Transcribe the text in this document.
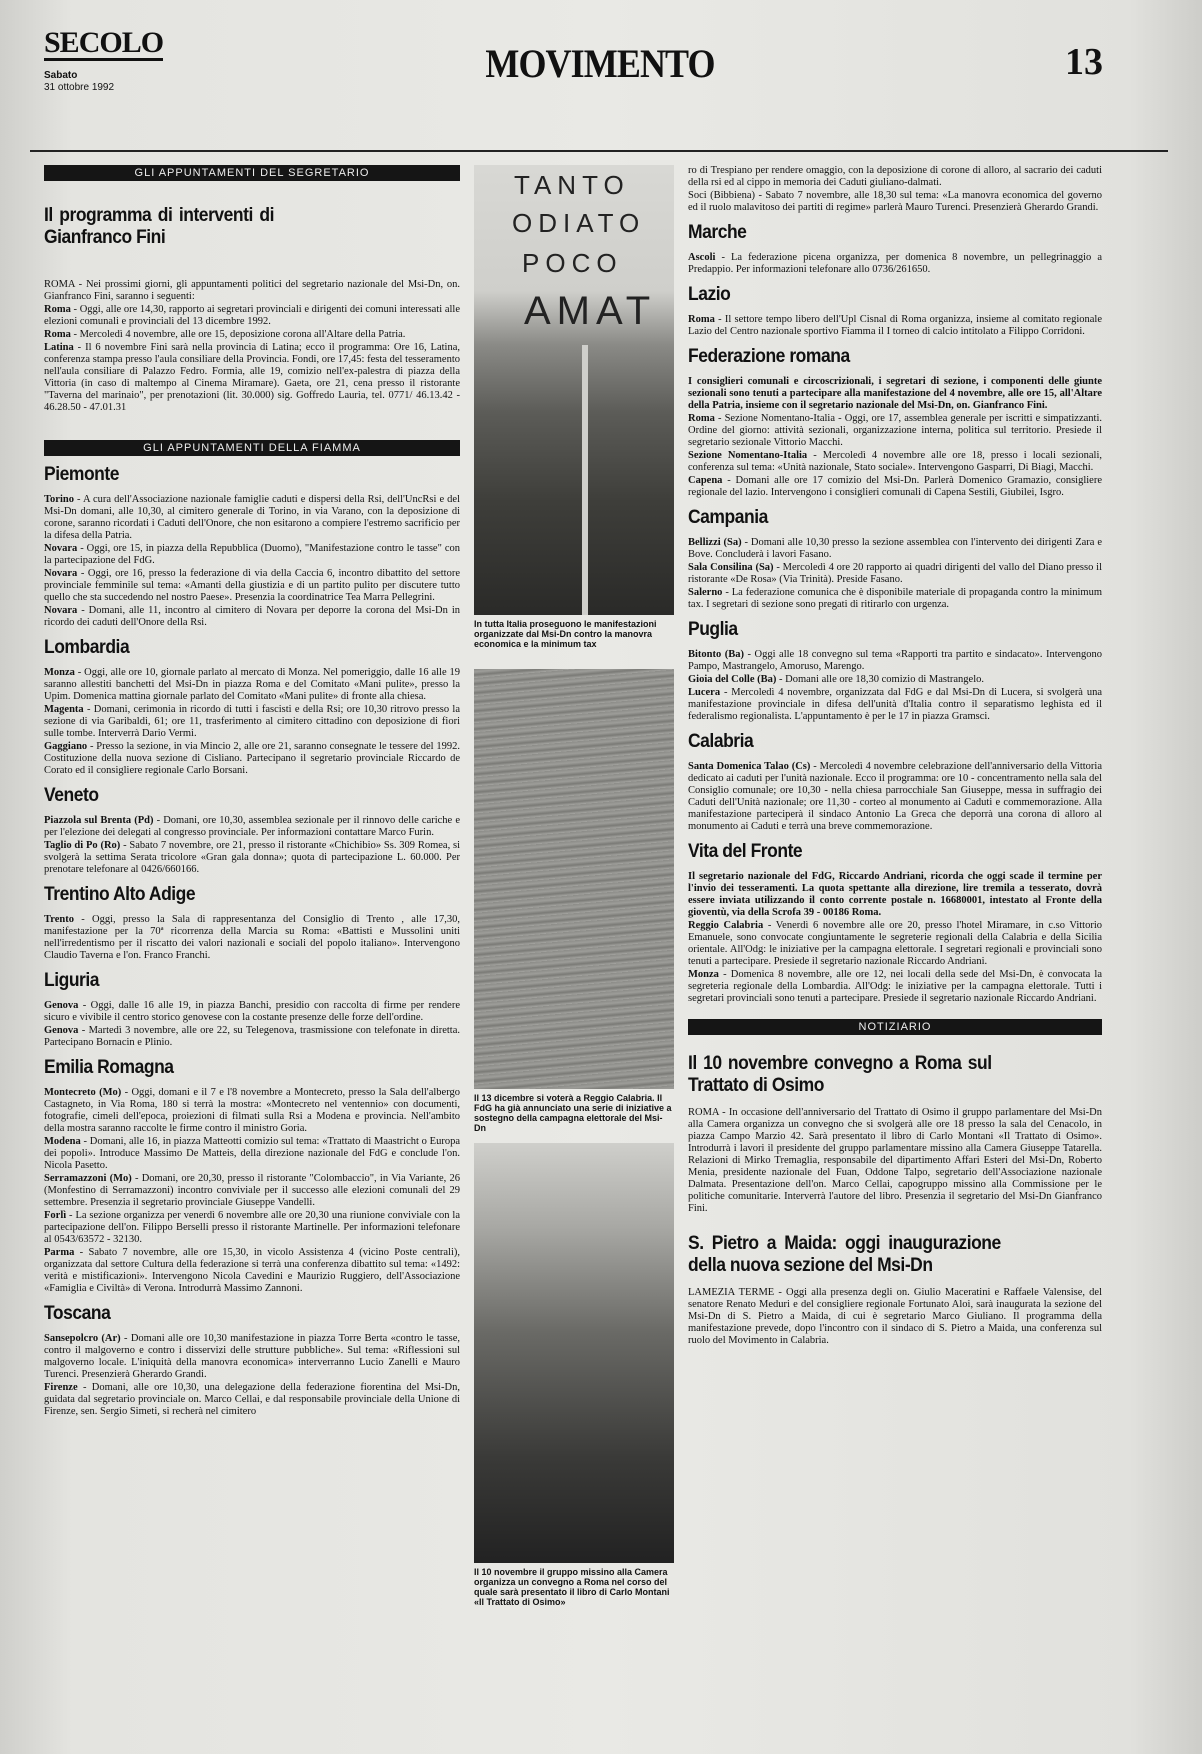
SECOLO
Sabato
31 ottobre 1992
MOVIMENTO	13
GLI APPUNTAMENTI DEL SEGRETARIO
Il programma di interventi di Gianfranco Fini

ROMA - Nei prossimi giorni, gli appuntamenti politici del segretario nazionale del Msi-Dn, on. Gianfranco Fini, saranno i seguenti:

Roma - Oggi, alle ore 14,30, rapporto ai segretari provinciali e dirigenti dei comuni interessati alle elezioni comunali e provinciali del 13 dicembre 1992.

Roma - Mercoledì 4 novembre, alle ore 15, deposizione corona all'Altare della Patria.

Latina - Il 6 novembre Fini sarà nella provincia di Latina; ecco il programma: Ore 16, Latina, conferenza stampa presso l'aula consiliare della Provincia. Fondi, ore 17,45: festa del tesseramento nell'aula consiliare di Palazzo Fedro. Formia, alle 19, comizio nell'ex-palestra di piazza della Vittoria (in caso di maltempo al Cinema Miramare). Gaeta, ore 21, cena presso il ristorante "Taverna del marinaio", per prenotazioni (lit. 30.000) sig. Goffredo Lauria, tel. 0771/ 46.13.42 - 46.28.50 - 47.01.31

GLI APPUNTAMENTI DELLA FIAMMA
Piemonte

Torino - A cura dell'Associazione nazionale famiglie caduti e dispersi della Rsi, dell'UncRsi e del Msi-Dn domani, alle 10,30, al cimitero generale di Torino, in via Varano, con la deposizione di corone, saranno ricordati i Caduti dell'Onore, che non esitarono a compiere l'estremo sacrificio per la difesa della Patria.

Novara - Oggi, ore 15, in piazza della Repubblica (Duomo), "Manifestazione contro le tasse" con la partecipazione del FdG.

Novara - Oggi, ore 16, presso la federazione di via della Caccia 6, incontro dibattito del settore provinciale femminile sul tema: «Amanti della giustizia e di un partito pulito per discutere tutto quello che sta succedendo nel nostro Paese». Presenzia la coordinatrice Tea Marra Pellegrini.

Novara - Domani, alle 11, incontro al cimitero di Novara per deporre la corona del Msi-Dn in ricordo dei caduti dell'Onore della Rsi.

Lombardia

Monza - Oggi, alle ore 10, giornale parlato al mercato di Monza. Nel pomeriggio, dalle 16 alle 19 saranno allestiti banchetti del Msi-Dn in piazza Roma e del Comitato «Mani pulite», presso la Upim. Domenica mattina giornale parlato del Comitato «Mani pulite» di fronte alla chiesa.

Magenta - Domani, cerimonia in ricordo di tutti i fascisti e della Rsi; ore 10,30 ritrovo presso la sezione di via Garibaldi, 61; ore 11, trasferimento al cimitero cittadino con deposizione di fiori sulle tombe. Interverrà Dario Vermi.

Gaggiano - Presso la sezione, in via Mincio 2, alle ore 21, saranno consegnate le tessere del 1992. Costituzione della nuova sezione di Cisliano. Partecipano il segretario provinciale Riccardo de Corato ed il consigliere regionale Carlo Borsani.

Veneto

Piazzola sul Brenta (Pd) - Domani, ore 10,30, assemblea sezionale per il rinnovo delle cariche e per l'elezione dei delegati al congresso provinciale. Per informazioni contattare Marco Furin.

Taglio di Po (Ro) - Sabato 7 novembre, ore 21, presso il ristorante «Chichibio» Ss. 309 Romea, si svolgerà la settima Serata tricolore «Gran gala donna»; quota di partecipazione L. 60.000. Per prenotare telefonare al 0426/660166.

Trentino Alto Adige

Trento - Oggi, presso la Sala di rappresentanza del Consiglio di Trento , alle 17,30, manifestazione per la 70ª ricorrenza della Marcia su Roma: «Battisti e Mussolini uniti nell'irredentismo per il riscatto dei valori nazionali e sociali del popolo italiano». Intervengono Claudio Taverna e l'on. Franco Franchi.

Liguria

Genova - Oggi, dalle 16 alle 19, in piazza Banchi, presidio con raccolta di firme per rendere sicuro e vivibile il centro storico genovese con la costante presenze delle forze dell'ordine.

Genova - Martedì 3 novembre, alle ore 22, su Telegenova, trasmissione con telefonate in diretta. Partecipano Bornacin e Plinio.

Emilia Romagna

Montecreto (Mo) - Oggi, domani e il 7 e l'8 novembre a Montecreto, presso la Sala dell'albergo Castagneto, in Via Roma, 180 si terrà la mostra: «Montecreto nel ventennio» con documenti, fotografie, cimeli dell'epoca, proiezioni di filmati sulla Rsi a Modena e provincia. Nell'ambito della mostra saranno raccolte le firme contro il ministro Goria.

Modena - Domani, alle 16, in piazza Matteotti comizio sul tema: «Trattato di Maastricht o Europa dei popoli». Introduce Massimo De Matteis, della direzione nazionale del FdG e conclude l'on. Nicola Pasetto.

Serramazzoni (Mo) - Domani, ore 20,30, presso il ristorante "Colombaccio", in Via Variante, 26 (Monfestino di Serramazzoni) incontro conviviale per il successo alle elezioni comunali del 29 settembre. Presenzia il segretario provinciale Giuseppe Vandelli.

Forlì - La sezione organizza per venerdì 6 novembre alle ore 20,30 una riunione conviviale con la partecipazione dell'on. Filippo Berselli presso il ristorante Martinelle. Per informazioni telefonare al 0543/63572 - 32130.

Parma - Sabato 7 novembre, alle ore 15,30, in vicolo Assistenza 4 (vicino Poste centrali), organizzata dal settore Cultura della federazione si terrà una conferenza dibattito sul tema: «1492: verità e mistificazioni». Intervengono Nicola Cavedini e Maurizio Ruggiero, dell'Associazione «Famiglia e Civiltà» di Verona. Introdurrà Massimo Zannoni.

Toscana

Sansepolcro (Ar) - Domani alle ore 10,30 manifestazione in piazza Torre Berta «contro le tasse, contro il malgoverno e contro i disservizi delle strutture pubbliche». Sul tema: «Riflessioni sul malgoverno locale. L'iniquità della manovra economica» interverranno Lucio Zanelli e Mauro Turenci. Presenzierà Gherardo Grandi.

Firenze - Domani, alle ore 10,30, una delegazione della federazione fiorentina del Msi-Dn, guidata dal segretario provinciale on. Marco Cellai, e dal responsabile provinciale della Unione di Firenze, sen. Sergio Simeti, si recherà nel cimitero

TANTO
ODIATO
POCO
AMAT
In tutta Italia proseguono le manifestazioni organizzate dal Msi-Dn contro la manovra economica e la minimum tax
Il 13 dicembre si voterà a Reggio Calabria. Il FdG ha già annunciato una serie di iniziative a sostegno della campagna elettorale del Msi-Dn
Il 10 novembre il gruppo missino alla Camera organizza un convegno a Roma nel corso del quale sarà presentato il libro di Carlo Montani «Il Trattato di Osimo»

ro di Trespiano per rendere omaggio, con la deposizione di corone di alloro, al sacrario dei caduti della rsi ed al cippo in memoria dei Caduti giuliano-dalmati.

Soci (Bibbiena) - Sabato 7 novembre, alle 18,30 sul tema: «La manovra economica del governo ed il ruolo malavitoso dei partiti di regime» parlerà Mauro Turenci. Presenzierà Gherardo Grandi.

Marche

Ascoli - La federazione picena organizza, per domenica 8 novembre, un pellegrinaggio a Predappio. Per informazioni telefonare allo 0736/261650.

Lazio

Roma - Il settore tempo libero dell'Upl Cisnal di Roma organizza, insieme al comitato regionale Lazio del Centro nazionale sportivo Fiamma il I torneo di calcio intitolato a Filippo Corridoni.

Federazione romana

I consiglieri comunali e circoscrizionali, i segretari di sezione, i componenti delle giunte sezionali sono tenuti a partecipare alla manifestazione del 4 novembre, alle ore 15, all'Altare della Patria, insieme con il segretario nazionale del Msi-Dn, on. Gianfranco Fini.

Roma - Sezione Nomentano-Italia - Oggi, ore 17, assemblea generale per iscritti e simpatizzanti. Ordine del giorno: attività sezionali, organizzazione interna, politica sul territorio. Presiede il segretario sezionale Vittorio Macchi.

Sezione Nomentano-Italia - Mercoledì 4 novembre alle ore 18, presso i locali sezionali, conferenza sul tema: «Unità nazionale, Stato sociale». Intervengono Gasparri, Di Biagi, Macchi.

Capena - Domani alle ore 17 comizio del Msi-Dn. Parlerà Domenico Gramazio, consigliere regionale del lazio. Intervengono i consiglieri comunali di Capena Sestili, Giubilei, Isgro.

Campania

Bellizzi (Sa) - Domani alle 10,30 presso la sezione assemblea con l'intervento dei dirigenti Zara e Bove. Concluderà i lavori Fasano.

Sala Consilina (Sa) - Mercoledì 4 ore 20 rapporto ai quadri dirigenti del vallo del Diano presso il ristorante «De Rosa» (Via Trinità). Preside Fasano.

Salerno - La federazione comunica che è disponibile materiale di propaganda contro la minimum tax. I segretari di sezione sono pregati di ritirarlo con urgenza.

Puglia

Bitonto (Ba) - Oggi alle 18 convegno sul tema «Rapporti tra partito e sindacato». Intervengono Pampo, Mastrangelo, Amoruso, Marengo.

Gioia del Colle (Ba) - Domani alle ore 18,30 comizio di Mastrangelo.

Lucera - Mercoledì 4 novembre, organizzata dal FdG e dal Msi-Dn di Lucera, si svolgerà una manifestazione provinciale in difesa dell'unità d'Italia contro il separatismo leghista ed il federalismo regionalista. L'appuntamento è per le 17 in piazza Gramsci.

Calabria

Santa Domenica Talao (Cs) - Mercoledì 4 novembre celebrazione dell'anniversario della Vittoria dedicato ai caduti per l'unità nazionale. Ecco il programma: ore 10 - concentramento nella sala del Consiglio comunale; ore 10,30 - nella chiesa parrocchiale San Giuseppe, messa in suffragio dei Caduti dell'Unità nazionale; ore 11,30 - corteo al monumento ai Caduti e commemorazione. Alla manifestazione parteciperà il sindaco Antonio La Greca che deporrà una corona di alloro al monumento ai Caduti e terrà una breve commemorazione.

Vita del Fronte

Il segretario nazionale del FdG, Riccardo Andriani, ricorda che oggi scade il termine per l'invio dei tesseramenti. La quota spettante alla direzione, lire tremila a tesserato, dovrà essere inviata utilizzando il conto corrente postale n. 16680001, intestato al Fronte della gioventù, via della Scrofa 39 - 00186 Roma.

Reggio Calabria - Venerdì 6 novembre alle ore 20, presso l'hotel Miramare, in c.so Vittorio Emanuele, sono convocate congiuntamente le segreterie regionali della Calabria e della Sicilia orientale. All'Odg: le iniziative per la campagna elettorale. I segretari regionali e provinciali sono tenuti a partecipare. Presiede il segretario nazionale Riccardo Andriani.

Monza - Domenica 8 novembre, alle ore 12, nei locali della sede del Msi-Dn, è convocata la segreteria regionale della Lombardia. All'Odg: le iniziative per la campagna elettorale. Tutti i segretari provinciali sono tenuti a partecipare. Presiede il segretario nazionale Riccardo Andriani.

NOTIZIARIO
Il 10 novembre convegno a Roma sul Trattato di Osimo

ROMA - In occasione dell'anniversario del Trattato di Osimo il gruppo parlamentare del Msi-Dn alla Camera organizza un convegno che si svolgerà alle ore 18 presso la sala del Cenacolo, in piazza Campo Marzio 42. Sarà presentato il libro di Carlo Montani «Il Trattato di Osimo». Introdurrà i lavori il presidente del gruppo parlamentare missino alla Camera Giuseppe Tatarella. Relazioni di Mirko Tremaglia, responsabile del dipartimento Affari Esteri del Msi-Dn, Roberto Menia, presidente nazionale del Fuan, Oddone Talpo, segretario dell'Associazione nazionale Dalmata. Presentazione dell'on. Marco Cellai, capogruppo missino alla Commissione per le politiche comunitarie. Interverrà l'autore del libro. Presenzia il segretario del Msi-Dn Gianfranco Fini.

S. Pietro a Maida: oggi inaugurazione della nuova sezione del Msi-Dn

LAMEZIA TERME - Oggi alla presenza degli on. Giulio Maceratini e Raffaele Valensise, del senatore Renato Meduri e del consigliere regionale Fortunato Aloi, sarà inaugurata la sezione del Msi-Dn di S. Pietro a Maida, di cui è segretario Marco Giuliano. Il programma della manifestazione prevede, dopo l'incontro con il sindaco di S. Pietro a Maida, una conferenza sul ruolo del Movimento in Calabria.
